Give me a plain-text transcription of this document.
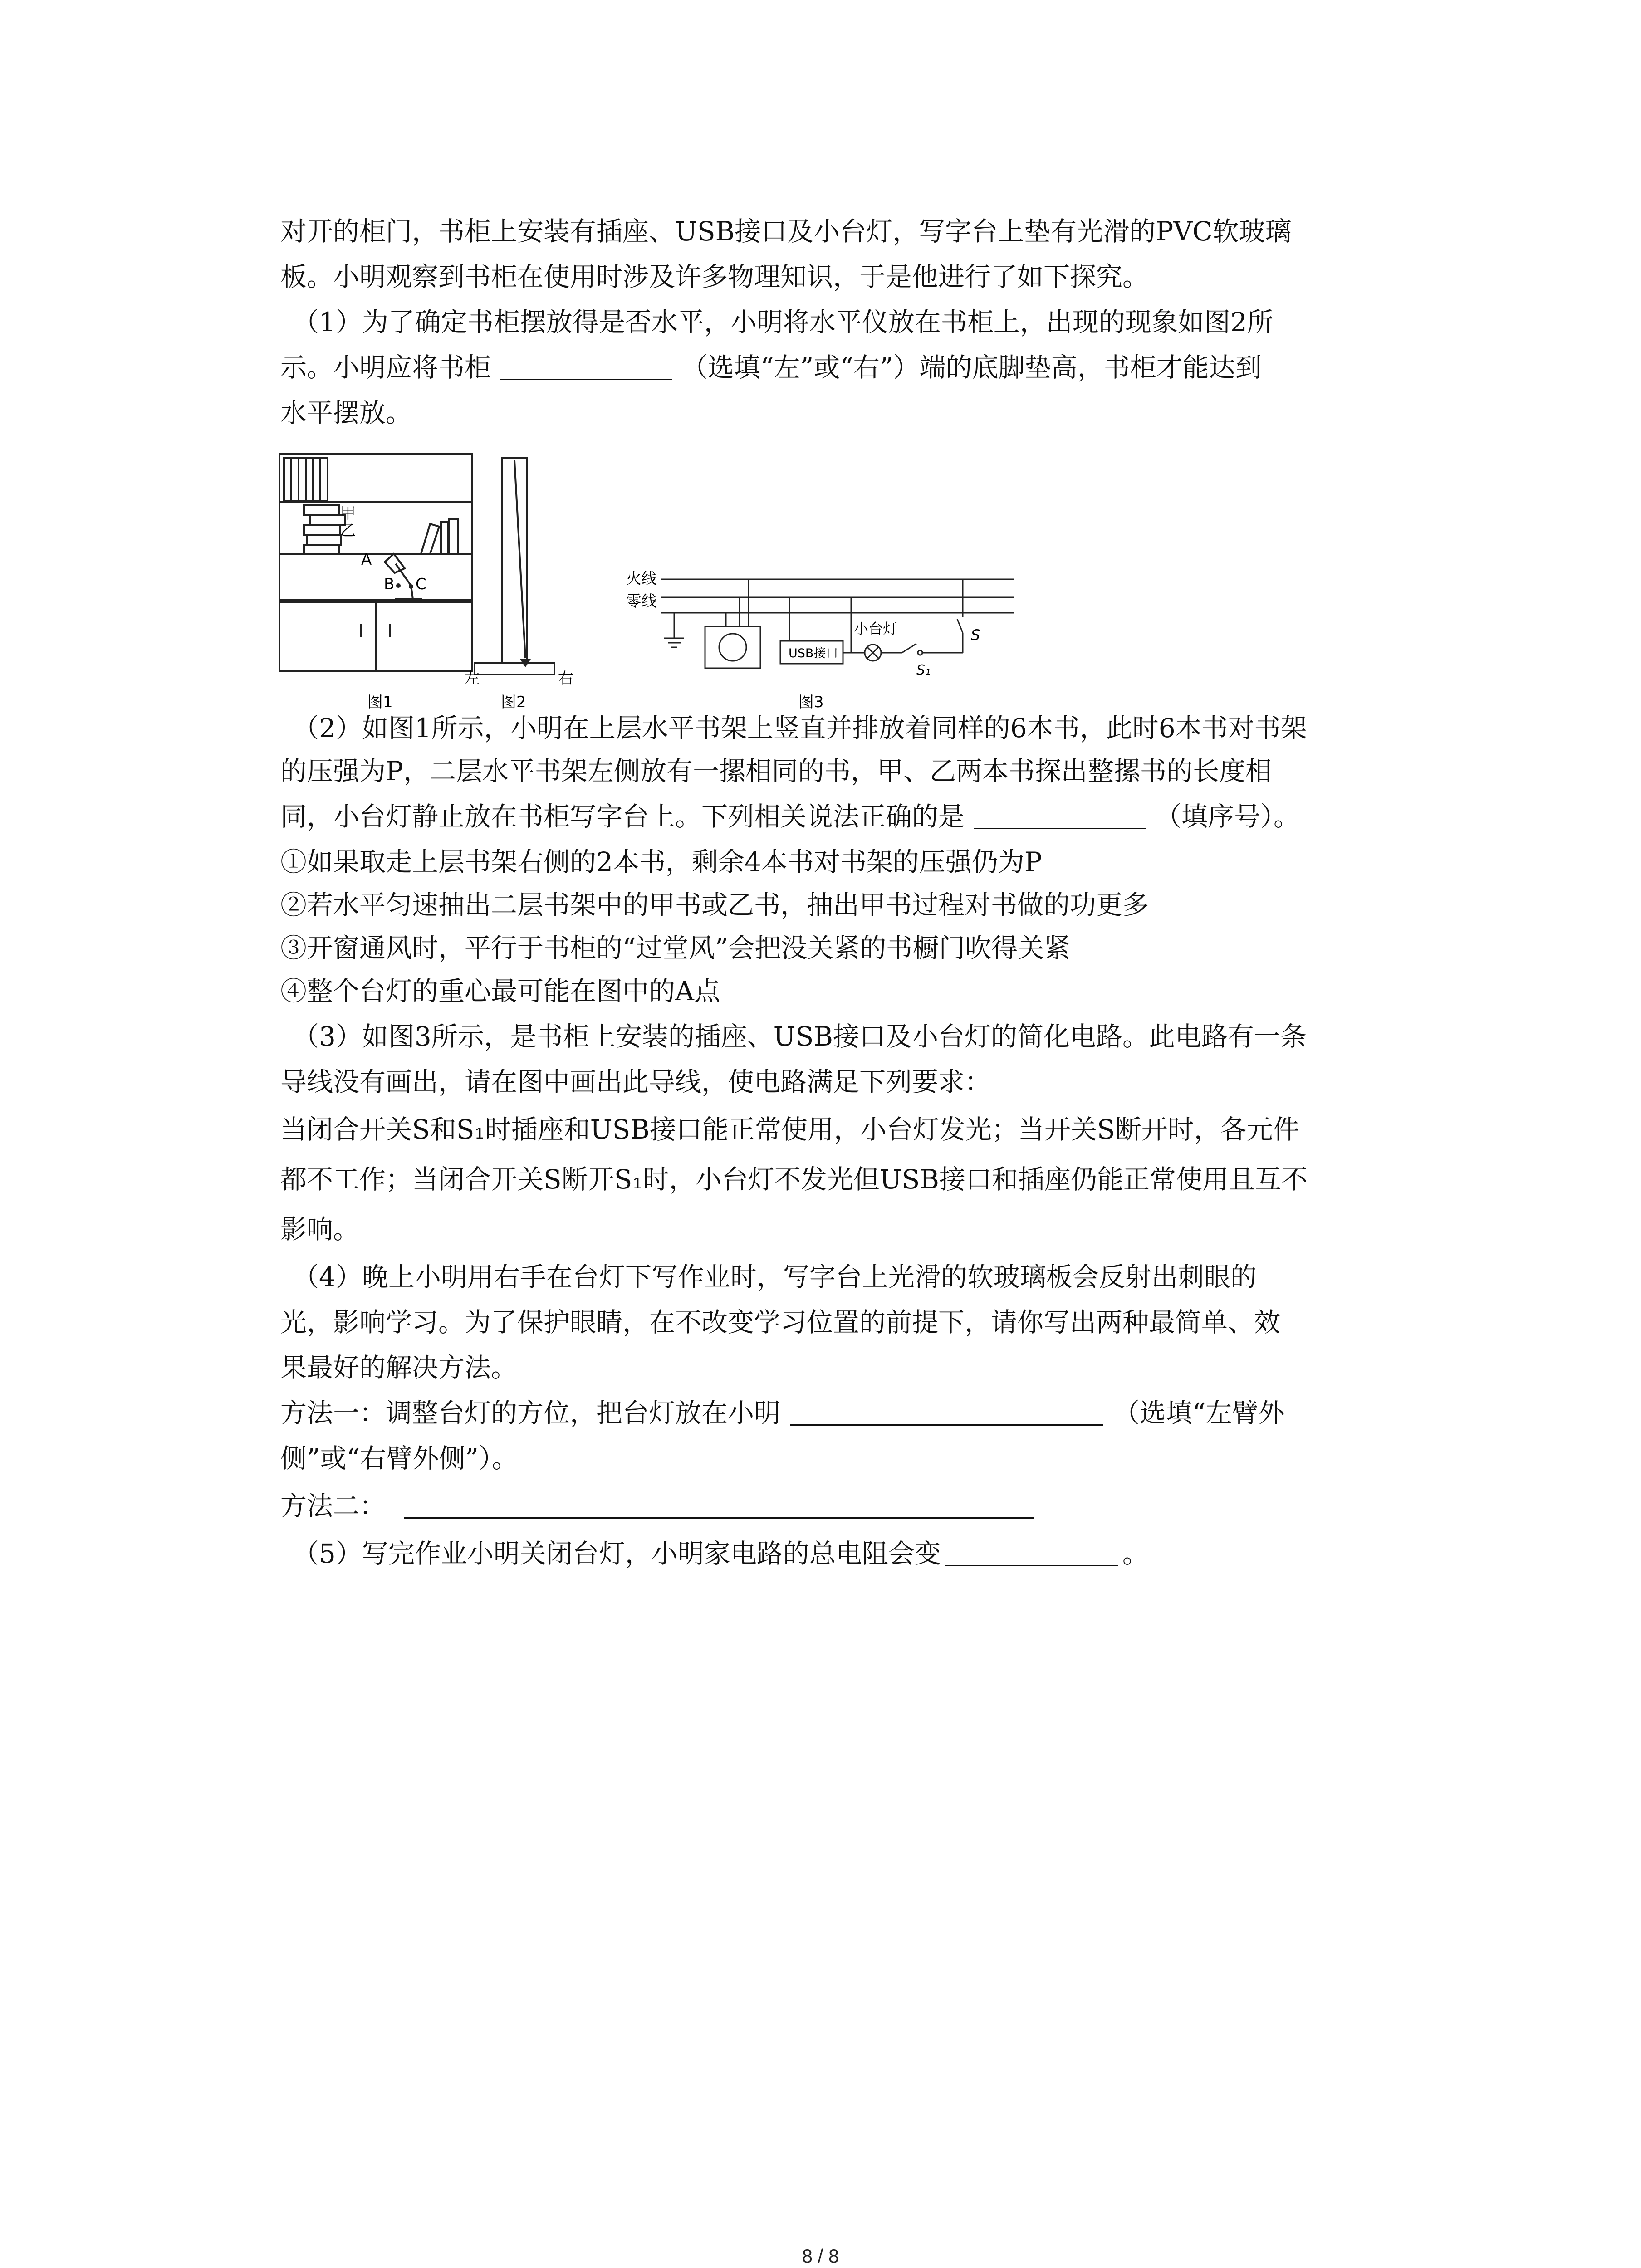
对开的柜门，书柜上安装有插座、USB接口及小台灯，写字台上垫有光滑的PVC软玻璃
板。小明观察到书柜在使用时涉及许多物理知识，于是他进行了如下探究。
（1）为了确定书柜摆放得是否水平，小明将水平仪放在书柜上，出现的现象如图2所
示。小明应将书柜	（选填“左”或“右”）端的底脚垫高，书柜才能达到
水平摆放。
甲
乙
A
B C
图1
左	右
图2
火线
零线
USB接口
小台灯	S
S₁
图3
（2）如图1所示，小明在上层水平书架上竖直并排放着同样的6本书，此时6本书对书架
的压强为P，二层水平书架左侧放有一摞相同的书，甲、乙两本书探出整摞书的长度相
同，小台灯静止放在书柜写字台上。下列相关说法正确的是	（填序号）。
①如果取走上层书架右侧的2本书，剩余4本书对书架的压强仍为P
②若水平匀速抽出二层书架中的甲书或乙书，抽出甲书过程对书做的功更多
③开窗通风时，平行于书柜的“过堂风”会把没关紧的书橱门吹得关紧
④整个台灯的重心最可能在图中的A点
（3）如图3所示，是书柜上安装的插座、USB接口及小台灯的简化电路。此电路有一条
导线没有画出，请在图中画出此导线，使电路满足下列要求：
当闭合开关S和S₁时插座和USB接口能正常使用，小台灯发光；当开关S断开时，各元件
都不工作；当闭合开关S断开S₁时，小台灯不发光但USB接口和插座仍能正常使用且互不
影响。
（4）晚上小明用右手在台灯下写作业时，写字台上光滑的软玻璃板会反射出刺眼的
光，影响学习。为了保护眼睛，在不改变学习位置的前提下，请你写出两种最简单、效
果最好的解决方法。
方法一：调整台灯的方位，把台灯放在小明	（选填“左臂外
侧”或“右臂外侧”）。
方法二：
（5）写完作业小明关闭台灯，小明家电路的总电阻会变	。
8 / 8
